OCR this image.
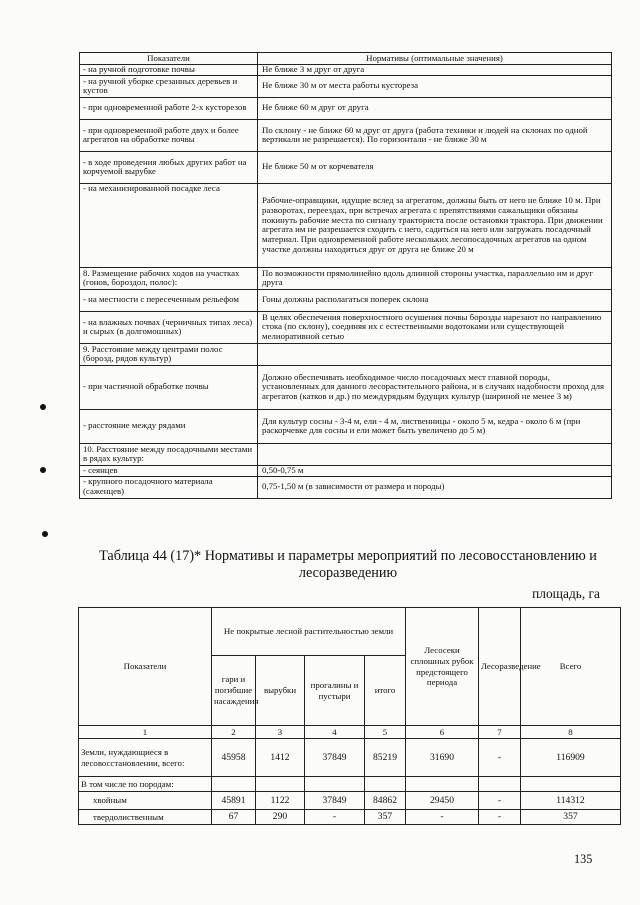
Показатели	Нормативы (оптимальные значения)
- на ручной подготовке почвы	Не ближе 3 м друг от друга
- на ручной уборке срезанных деревьев и кустов	Не ближе 30 м от места работы кустореза
- при одновременной работе 2-х кусторезов	Не ближе 60 м друг от друга
- при одновременной работе двух и более агрегатов на обработке почвы	По склону - не ближе 60 м друг от друга (работа техники и людей на склонах по одной вертикали не разрешается). По горизонтали - не ближе 30 м
- в ходе проведения любых других работ на корчуемой вырубке	Не ближе 50 м от корчевателя
- на механизированной посадке леса	Рабочие-оправщики, идущие вслед за агрегатом, должны быть от него не ближе 10 м. При разворотах, переездах, при встречах агрегата с препятствиями сажальщики обязаны покинуть рабочие места по сигналу тракториста после остановки трактора. При движении агрегата им не разрешается сходить с него, садиться на него или загружать посадочный материал. При одновременной работе нескольких лесопосадочных агрегатов на одном участке должны находиться друг от друга не ближе 20 м
8. Размещение рабочих ходов на участках (гонов, бороздол, полос):	По возможности прямолинейно вдоль длинной стороны участка, параллельно им и друг друга
- на местности с пересеченным рельефом	Гоны должны располагаться поперек склона
- на влажных почвах (черничных типах леса) и сырых (в долгомошных)	В целях обеспечения поверхностного осушения почвы борозды нарезают по направлению стока (по склону), соединяя их с естественными водотоками или существующей мелиоративной сетью
9. Расстояние между центрами полос (борозд, рядов культур)	
- при частичной обработке почвы	Должно обеспечивать необходимое число посадочных мест главной породы, установленных для данного лесорастительного района, и в случаях надобности проход для агрегатов (катков и др.) по междурядьям будущих культур (шириной не менее 3 м)
- расстояние между рядами	Для культур сосны - 3-4 м, ели - 4 м, лиственницы - около 5 м, кедра - около 6 м (при раскорчевке для сосны и ели может быть увеличено до 5 м)
10. Расстояние между посадочными местами в рядах культур:	
- сеянцев	0,50-0,75 м
- крупного посадочного материала (саженцев)	0,75-1,50 м (в зависимости от размера и породы)
Таблица 44 (17)* Нормативы и параметры мероприятий по лесовосстановлению и лесоразведению
площадь, га
Показатели	Не покрытые лесной растительностью земли				Лесосеки сплошных рубок предстоящего периода	Лесоразведение	Всего
	гари и погибшие насаждения	вырубки	прогалины и пустыри	итого			
1	2	3	4	5	6	7	8
Земли, нуждающиеся в лесовосстановлении, всего:	45958	1412	37849	85219	31690	-	116909
В том числе по породам:							
хвойным	45891	1122	37849	84862	29450	-	114312
твердолиственным	67	290	-	357	-	-	357
135
